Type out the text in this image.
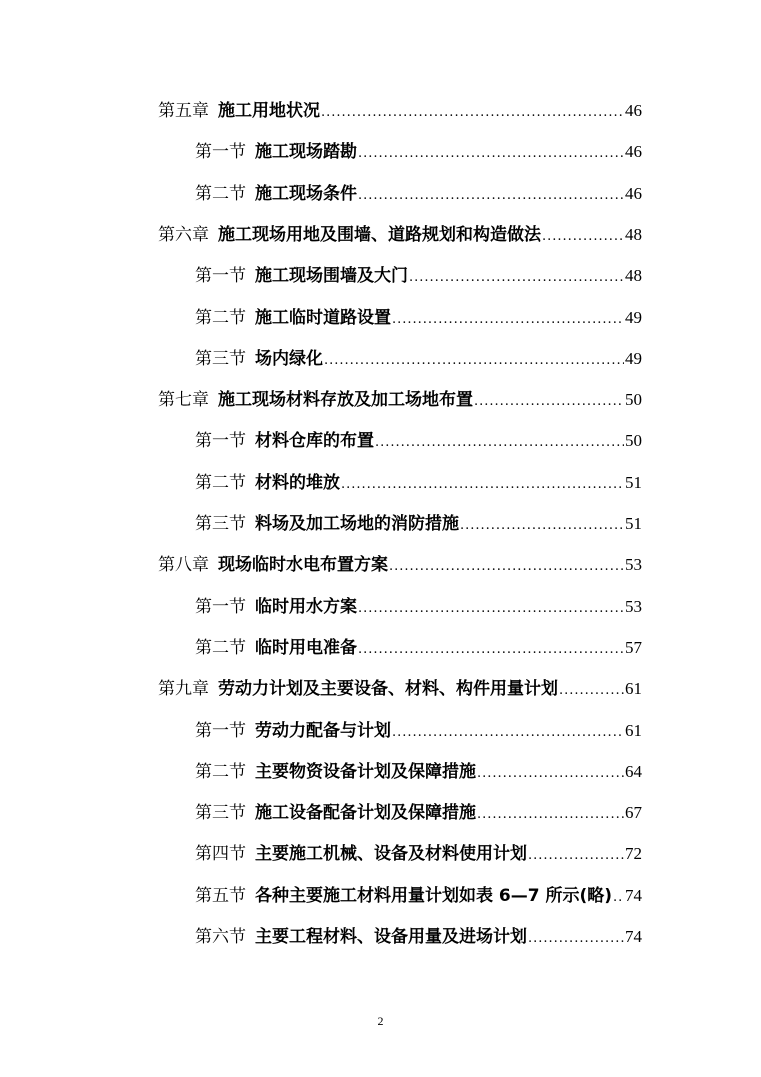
第五章 施工用地状况 .....	46
第一节 施工现场踏勘 .....	46
第二节 施工现场条件 .....	46
第六章 施工现场用地及围墙、道路规划和构造做法 .....	48
第一节 施工现场围墙及大门 .....	48
第二节 施工临时道路设置 .....	49
第三节 场内绿化 .....	49
第七章 施工现场材料存放及加工场地布置 .....	50
第一节 材料仓库的布置 .....	50
第二节 材料的堆放 .....	51
第三节 料场及加工场地的消防措施 .....	51
第八章 现场临时水电布置方案 .....	53
第一节 临时用水方案 .....	53
第二节 临时用电准备 .....	57
第九章 劳动力计划及主要设备、材料、构件用量计划 .....	61
第一节 劳动力配备与计划 .....	61
第二节 主要物资设备计划及保障措施 .....	64
第三节 施工设备配备计划及保障措施 .....	67
第四节 主要施工机械、设备及材料使用计划 .....	72
第五节 各种主要施工材料用量计划如表 6—7 所示(略) ..... 74
第六节 主要工程材料、设备用量及进场计划 .....	74
2
